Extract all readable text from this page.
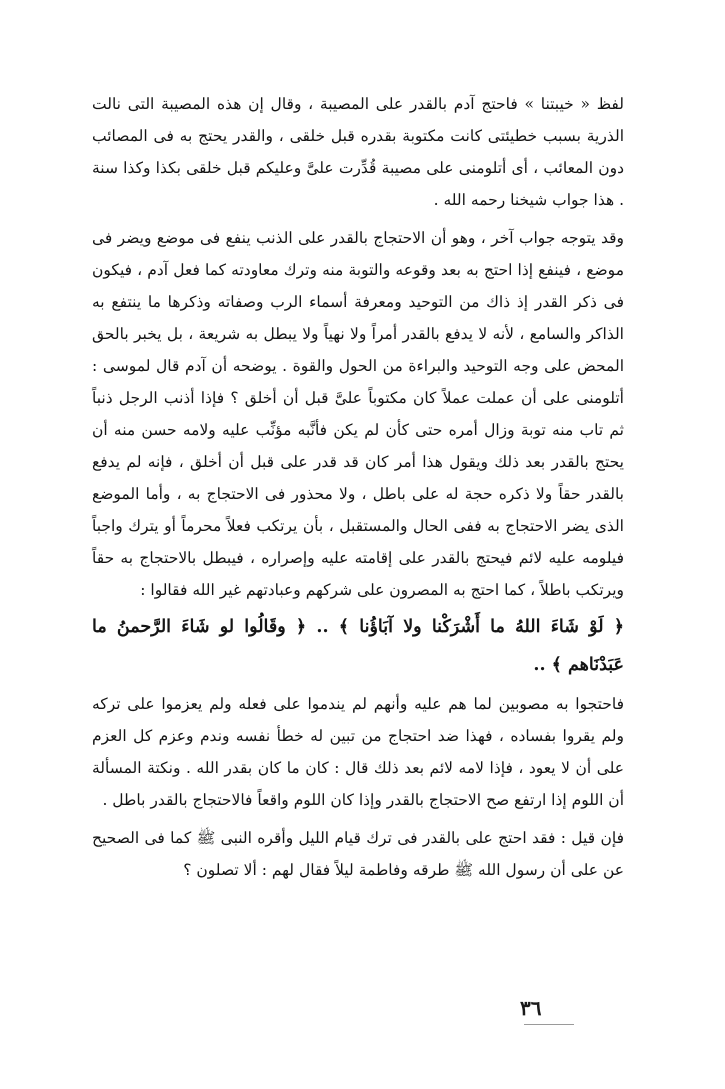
لفظ « خيبتنا » فاحتج آدم بالقدر على المصيبة ، وقال إن هذه المصيبة التى نالت الذرية بسبب خطيئتى كانت مكتوبة بقدره قبل خلقى ، والقدر يحتج به فى المصائب دون المعائب ، أى أتلومنى على مصيبة قُدِّرت علىَّ وعليكم قبل خلقى بكذا وكذا سنة . هذا جواب شيخنا رحمه الله .

وقد يتوجه جواب آخر ، وهو أن الاحتجاج بالقدر على الذنب ينفع فى موضع ويضر فى موضع ، فينفع إذا احتج به بعد وقوعه والتوبة منه وترك معاودته كما فعل آدم ، فيكون فى ذكر القدر إذ ذاك من التوحيد ومعرفة أسماء الرب وصفاته وذكرها ما ينتفع به الذاكر والسامع ، لأنه لا يدفع بالقدر أمراً ولا نهياً ولا يبطل به شريعة ، بل يخبر بالحق المحض على وجه التوحيد والبراءة من الحول والقوة . يوضحه أن آدم قال لموسى : أتلومنى على أن عملت عملاً كان مكتوباً علىَّ قبل أن أخلق ؟ فإذا أذنب الرجل ذنباً ثم تاب منه توبة وزال أمره حتى كأن لم يكن فأنَّبه مؤنِّب عليه ولامه حسن منه أن يحتج بالقدر بعد ذلك ويقول هذا أمر كان قد قدر على قبل أن أخلق ، فإنه لم يدفع بالقدر حقاً ولا ذكره حجة له على باطل ، ولا محذور فى الاحتجاج به ، وأما الموضع الذى يضر الاحتجاج به ففى الحال والمستقبل ، بأن يرتكب فعلاً محرماً أو يترك واجباً فيلومه عليه لائم فيحتج بالقدر على إقامته عليه وإصراره ، فيبطل بالاحتجاج به حقاً ويرتكب باطلاً ، كما احتج به المصرون على شركهم وعبادتهم غير الله فقالوا :

﴿ لَوْ شَاءَ اللهُ ما أَشْرَكْنا ولا آبَاؤُنا ﴾ .. ﴿ وقَالُوا لو شَاءَ الرَّحمنُ ما عَبَدْنَاهم ﴾ ..

فاحتجوا به مصوبين لما هم عليه وأنهم لم يندموا على فعله ولم يعزموا على تركه ولم يقروا بفساده ، فهذا ضد احتجاج من تبين له خطأ نفسه وندم وعزم كل العزم على أن لا يعود ، فإذا لامه لائم بعد ذلك قال : كان ما كان بقدر الله . ونكتة المسألة أن اللوم إذا ارتفع صح الاحتجاج بالقدر وإذا كان اللوم واقعاً فالاحتجاج بالقدر باطل .

فإن قيل : فقد احتج على بالقدر فى ترك قيام الليل وأقره النبى ﷺ كما فى الصحيح عن على أن رسول الله ﷺ طرقه وفاطمة ليلاً فقال لهم : ألا تصلون ؟

٣٦
